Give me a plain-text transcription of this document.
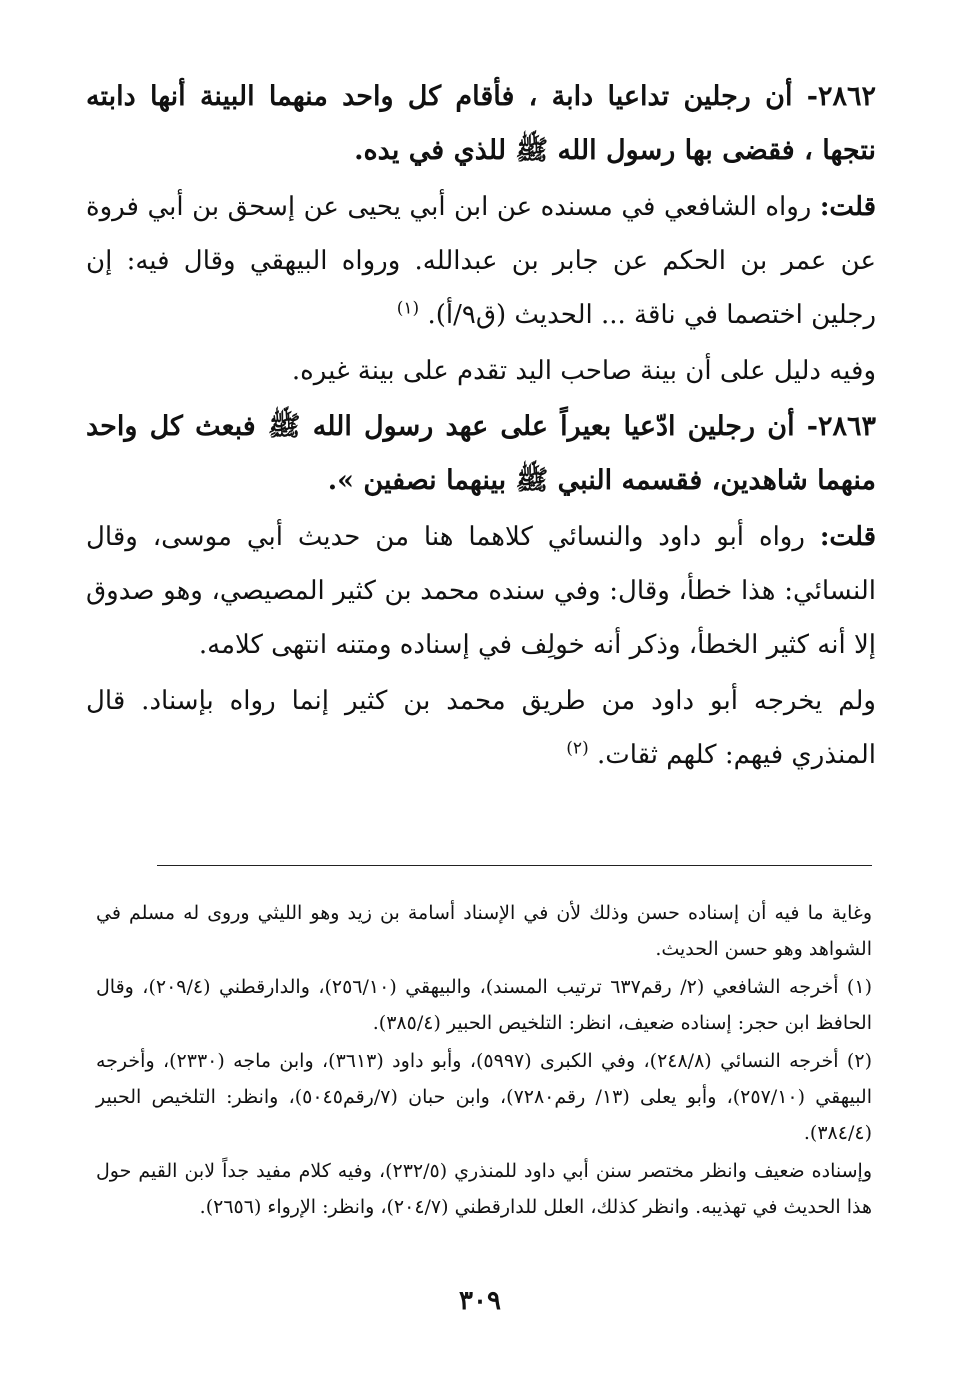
٢٨٦٢- أن رجلين تداعيا دابة ، فأقام كل واحد منهما البينة أنها دابته نتجها ، فقضى بها رسول الله ﷺ للذي في يده.

قلت: رواه الشافعي في مسنده عن ابن أبي يحيى عن إسحق بن أبي فروة عن عمر بن الحكم عن جابر بن عبدالله. ورواه البيهقي وقال فيه: إن رجلين اختصما في ناقة ... الحديث (ق٩/أ). $^{(١)}$

وفيه دليل على أن بينة صاحب اليد تقدم على بينة غيره.

٢٨٦٣- أن رجلين ادّعيا بعيراً على عهد رسول الله ﷺ فبعث كل واحد منهما شاهدين، فقسمه النبي ﷺ بينهما نصفين ».

قلت: رواه أبو داود والنسائي كلاهما هنا من حديث أبي موسى، وقال النسائي: هذا خطأ، وقال: وفي سنده محمد بن كثير المصيصي، وهو صدوق إلا أنه كثير الخطأ، وذكر أنه خولِف في إسناده ومتنه انتهى كلامه.

ولم يخرجه أبو داود من طريق محمد بن كثير إنما رواه بإسناد. قال المنذري فيهم: كلهم ثقات. $^{(٢)}$

وغاية ما فيه أن إسناده حسن وذلك لأن في الإسناد أسامة بن زيد وهو الليثي وروى له مسلم في الشواهد وهو حسن الحديث.

(١) أخرجه الشافعي (٢/ رقم٦٣٧ ترتيب المسند)، والبيهقي (٢٥٦/١٠)، والدارقطني (٢٠٩/٤)، وقال الحافظ ابن حجر: إسناده ضعيف، انظر: التلخيص الحبير (٣٨٥/٤).

(٢) أخرجه النسائي (٢٤٨/٨)، وفي الكبرى (٥٩٩٧)، وأبو داود (٣٦١٣)، وابن ماجه (٢٣٣٠)، وأخرجه البيهقي (٢٥٧/١٠)، وأبو يعلى (١٣/ رقم٧٢٨٠)، وابن حبان (٧/رقم٥٠٤٥)، وانظر: التلخيص الحبير (٣٨٤/٤).

وإسناده ضعيف وانظر مختصر سنن أبي داود للمنذري (٢٣٢/٥)، وفيه كلام مفيد جداً لابن القيم حول هذا الحديث في تهذيبه. وانظر كذلك، العلل للدارقطني (٢٠٤/٧)، وانظر: الإرواء (٢٦٥٦).

٣٠٩
